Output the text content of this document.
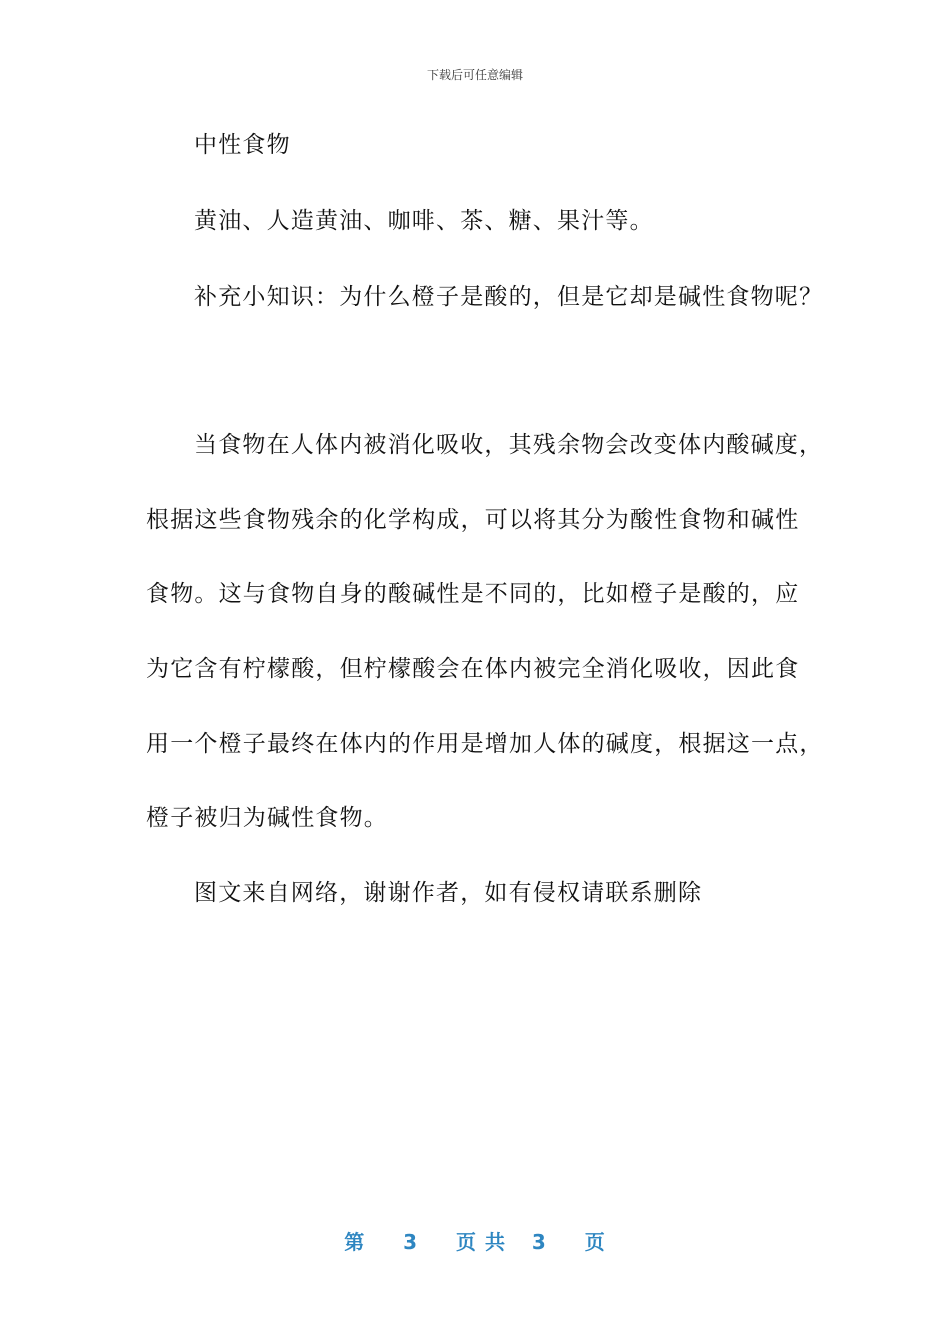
下载后可任意编辑
中性食物
黄油、人造黄油、咖啡、茶、糖、果汁等。
补充小知识：为什么橙子是酸的，但是它却是碱性食物呢？
当食物在人体内被消化吸收，其残余物会改变体内酸碱度，
根据这些食物残余的化学构成，可以将其分为酸性食物和碱性
食物。这与食物自身的酸碱性是不同的，比如橙子是酸的，应
为它含有柠檬酸，但柠檬酸会在体内被完全消化吸收，因此食
用一个橙子最终在体内的作用是增加人体的碱度，根据这一点，
橙子被归为碱性食物。
图文来自网络，谢谢作者，如有侵权请联系删除
第 3 页 共 3 页
